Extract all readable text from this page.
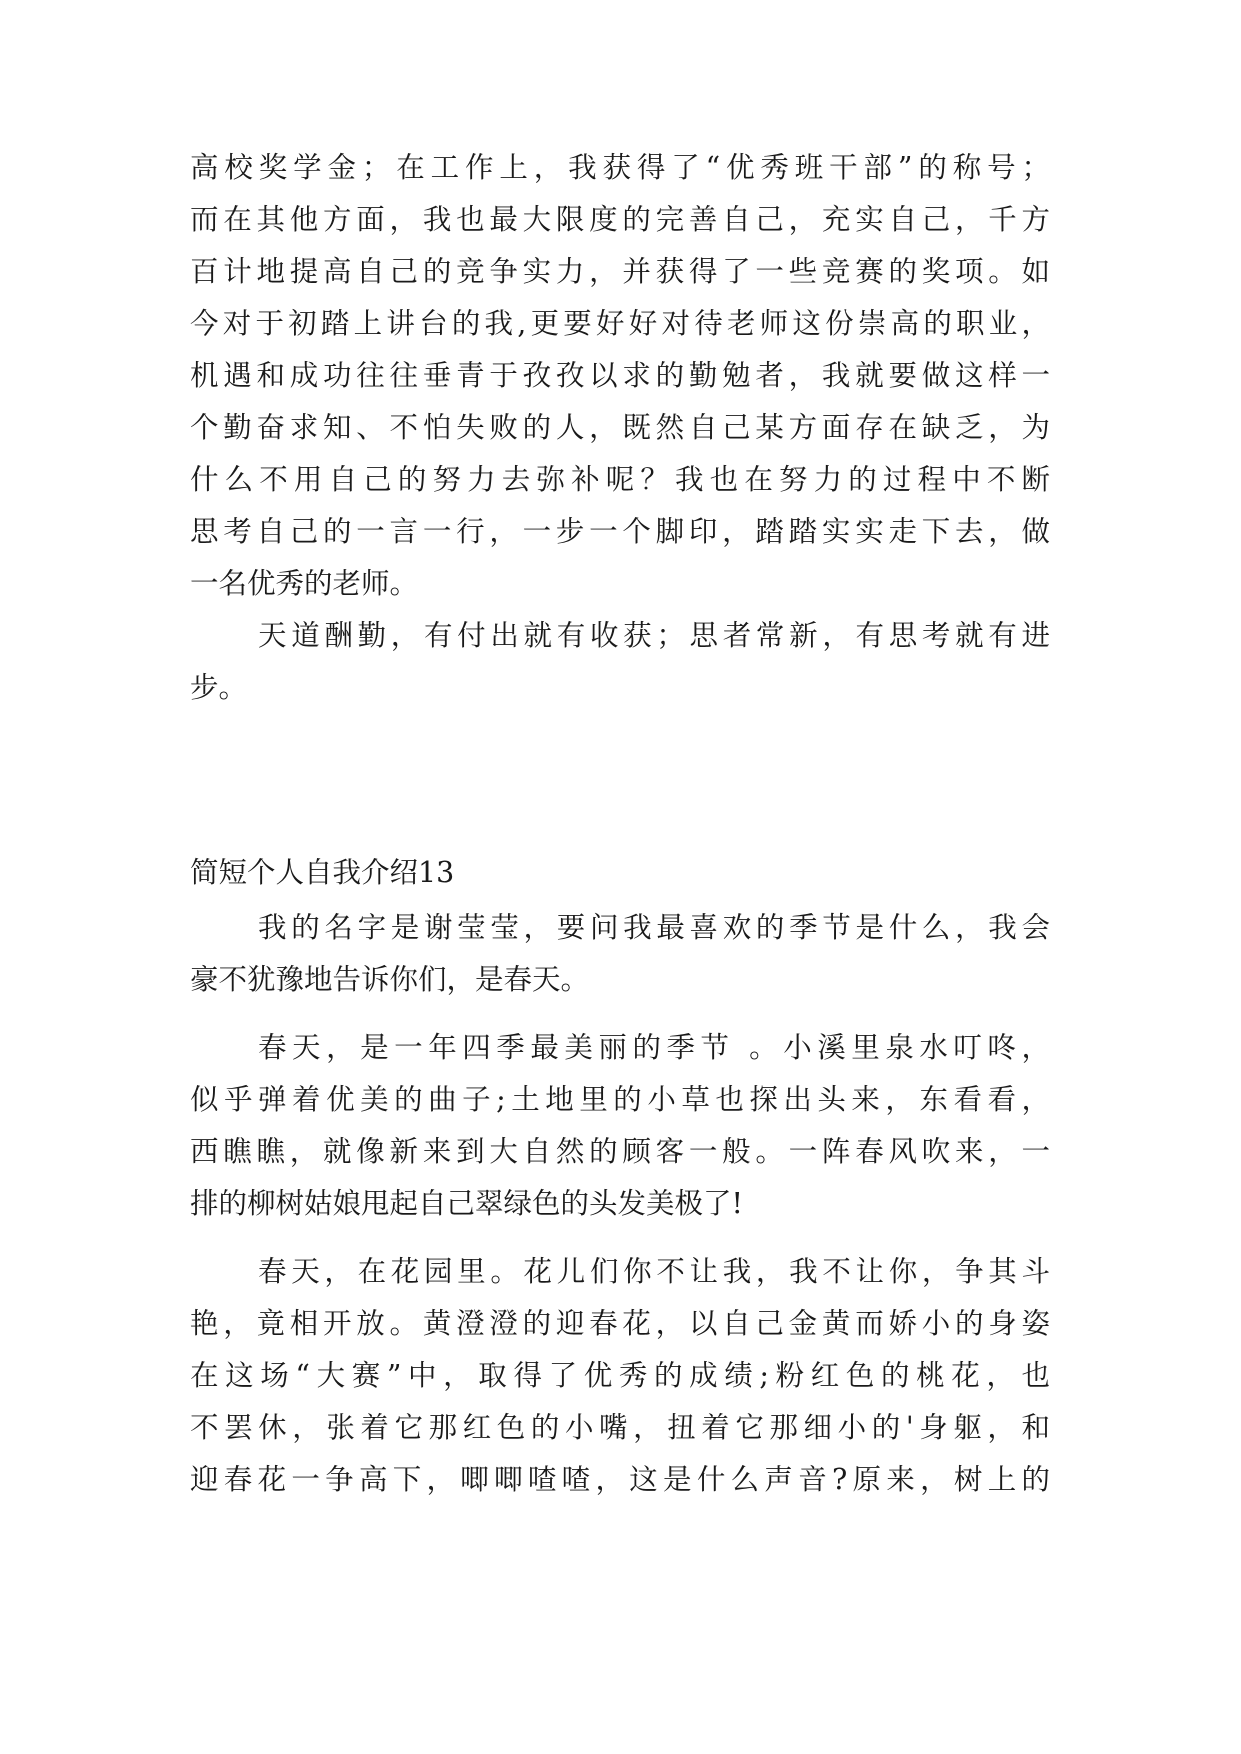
高校奖学金；在工作上，我获得了“优秀班干部”的称号；
而在其他方面，我也最大限度的完善自己，充实自己，千方
百计地提高自己的竞争实力，并获得了一些竞赛的奖项。如
今对于初踏上讲台的我,更要好好对待老师这份崇高的职业，
机遇和成功往往垂青于孜孜以求的勤勉者，我就要做这样一
个勤奋求知、不怕失败的人，既然自己某方面存在缺乏，为
什么不用自己的努力去弥补呢？我也在努力的过程中不断
思考自己的一言一行，一步一个脚印，踏踏实实走下去，做
一名优秀的老师。
天道酬勤，有付出就有收获；思者常新，有思考就有进
步。
简短个人自我介绍13
我的名字是谢莹莹，要问我最喜欢的季节是什么，我会
豪不犹豫地告诉你们，是春天。
春天，是一年四季最美丽的季节 。小溪里泉水叮咚，
似乎弹着优美的曲子;土地里的小草也探出头来，东看看，
西瞧瞧，就像新来到大自然的顾客一般。一阵春风吹来，一
排的柳树姑娘甩起自己翠绿色的头发美极了!
春天，在花园里。花儿们你不让我，我不让你，争其斗
艳，竟相开放。黄澄澄的迎春花，以自己金黄而娇小的身姿
在这场“大赛”中，取得了优秀的成绩;粉红色的桃花，也
不罢休，张着它那红色的小嘴，扭着它那细小的'身躯，和
迎春花一争高下，唧唧喳喳，这是什么声音?原来，树上的
